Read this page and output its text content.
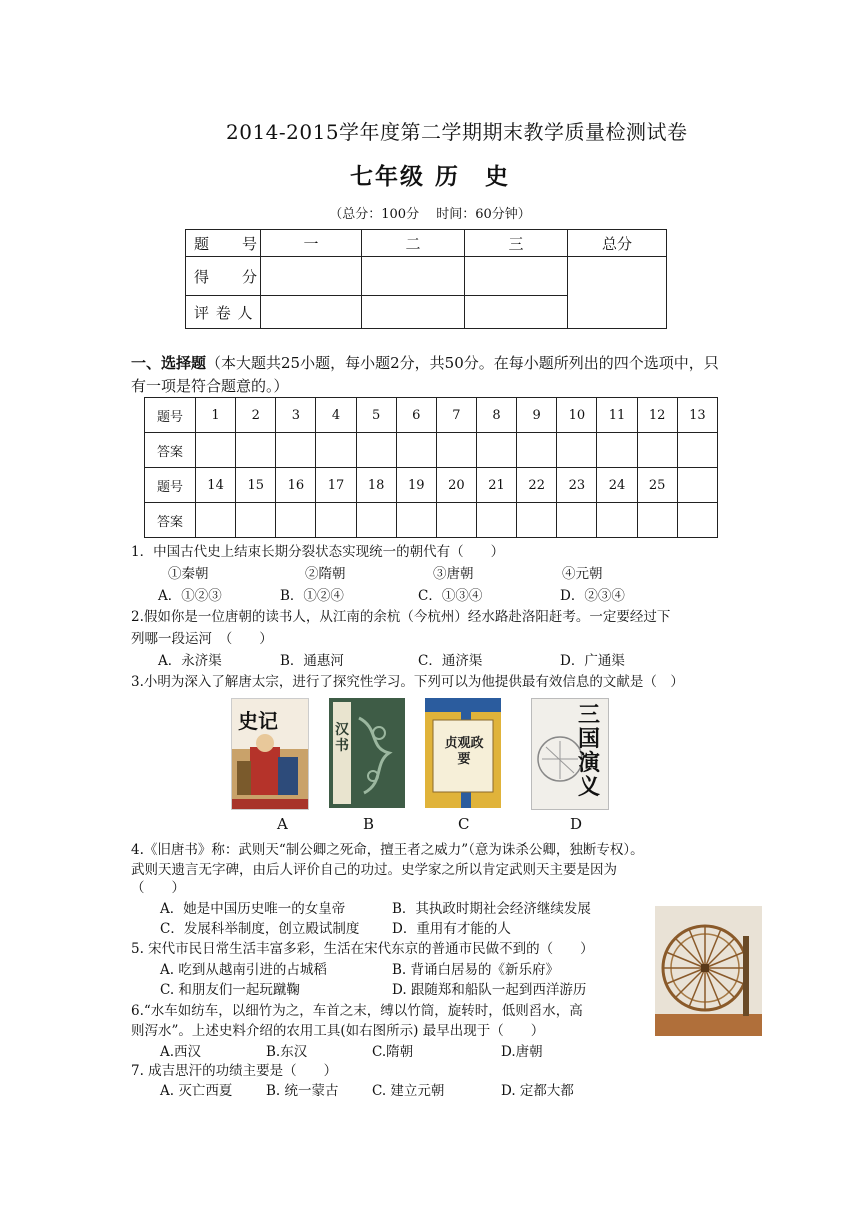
2014-2015学年度第二学期期末教学质量检测试卷
七年级 历　史
（总分：100分　 时间：60分钟）
题　　号	一	二	三	总分
得　　分				
评 卷 人				
一、选择题（本大题共25小题，每小题2分，共50分。在每小题所列出的四个选项中，只有一项是符合题意的。）
题号	1	2	3	4	5	6	7	8	9	10	11	12	13
答案													
题号	14	15	16	17	18	19	20	21	22	23	24	25	
答案													
1．中国古代史上结束长期分裂状态实现统一的朝代有（　　）
①秦朝	②隋朝	③唐朝	④元朝
A．①②③	B．①②④	C．①③④	D．②③④
2.假如你是一位唐朝的读书人，从江南的余杭（今杭州）经水路赴洛阳赶考。一定要经过下
列哪一段运河　（　　）
A．永济渠	B．通惠河	C．通济渠	D．广通渠
3.小明为深入了解唐太宗，进行了探究性学习。下列可以为他提供最有效信息的文献是（　）
史记	汉书	贞观政要
三国演义
A	B	C	D
4.《旧唐书》称：武则天“制公卿之死命，擅王者之威力”（意为诛杀公卿，独断专权）。
武则天遗言无字碑，由后人评价自己的功过。史学家之所以肯定武则天主要是因为
（　　）
A．她是中国历史唯一的女皇帝	B．其执政时期社会经济继续发展
C．发展科举制度，创立殿试制度 D．重用有才能的人
5. 宋代市民日常生活丰富多彩，生活在宋代东京的普通市民做不到的（　　）
A. 吃到从越南引进的占城稻	B. 背诵白居易的《新乐府》
C. 和朋友们一起玩蹴鞠	D. 跟随郑和船队一起到西洋游历
6.“水车如纺车，以细竹为之，车首之末，缚以竹筒，旋转时，低则舀水，高
则泻水”。上述史料介绍的农用工具(如右图所示) 最早出现于（　　）
A.西汉	B.东汉	C.隋朝	D.唐朝
7. 成吉思汗的功绩主要是（　　）
A. 灭亡西夏 B. 统一蒙古 C. 建立元朝	D. 定都大都
